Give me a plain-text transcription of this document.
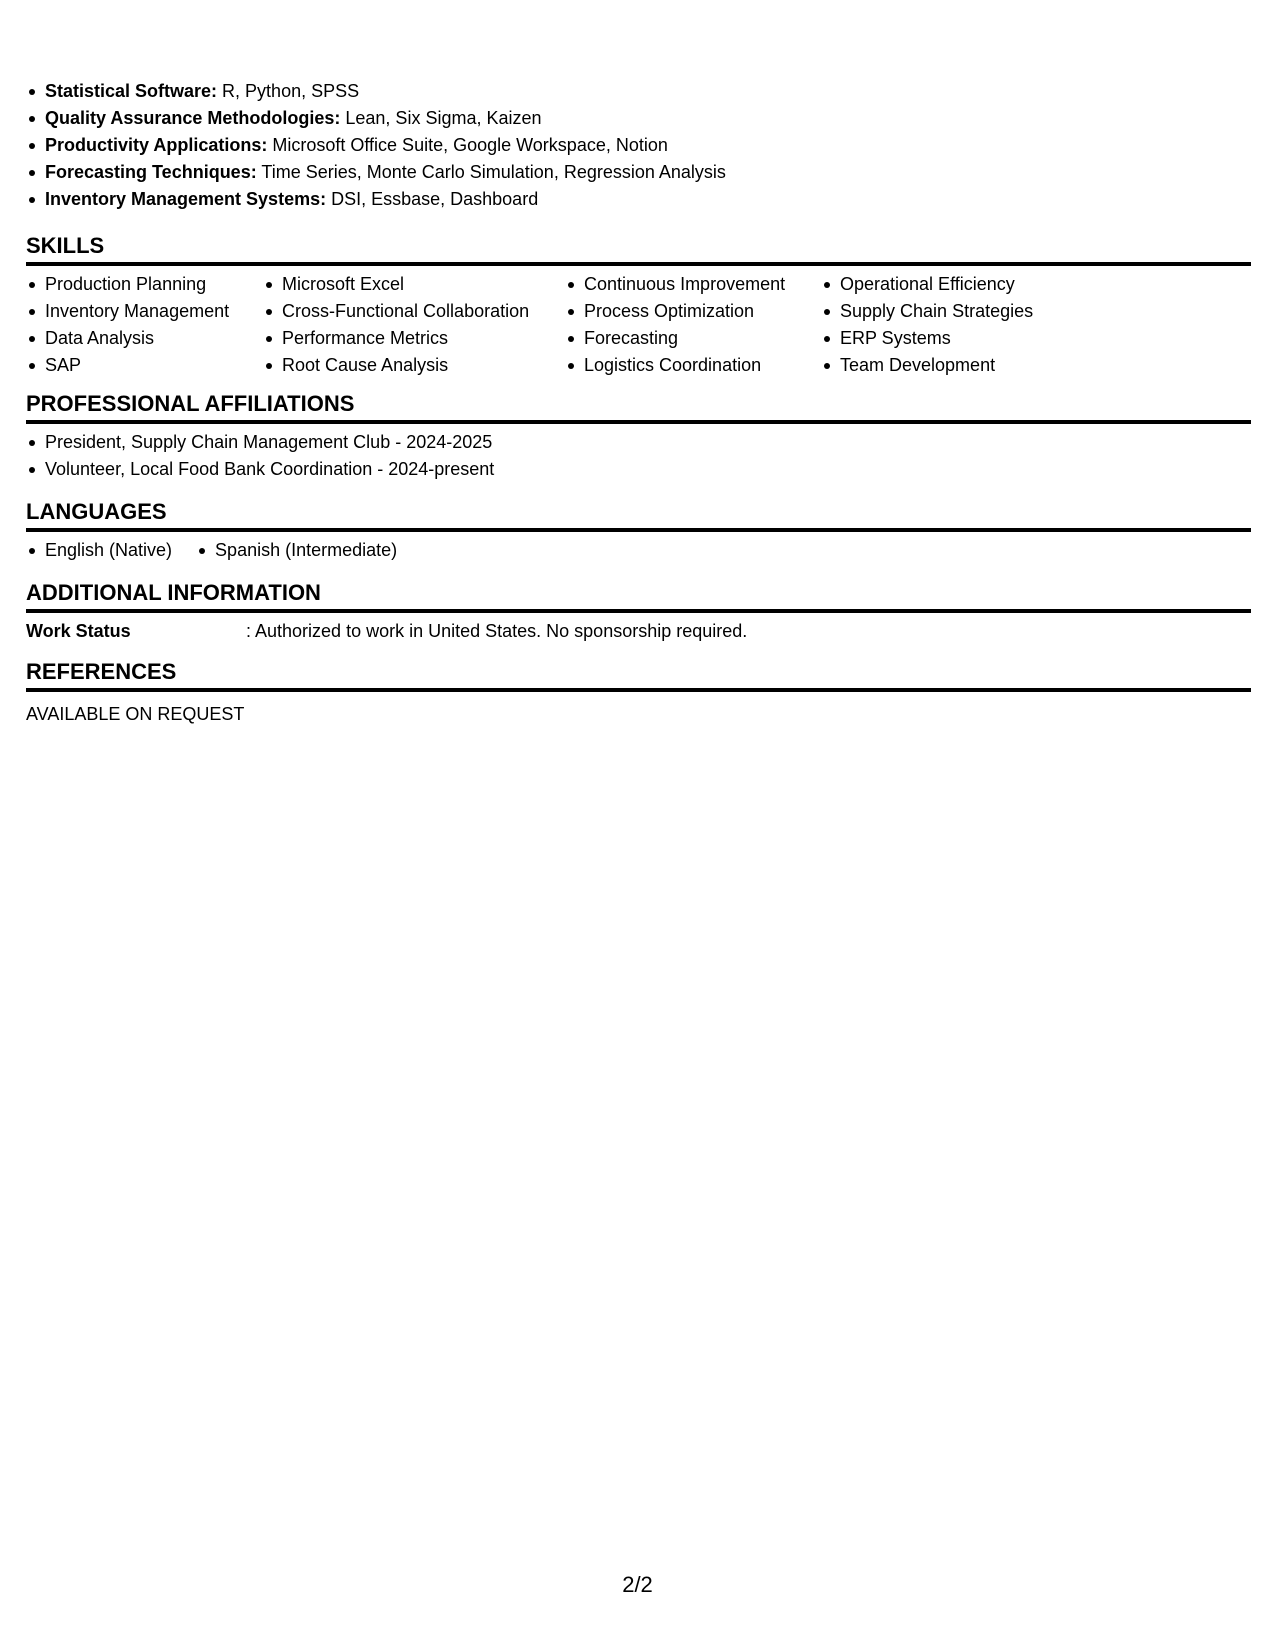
Statistical Software: R, Python, SPSS
Quality Assurance Methodologies: Lean, Six Sigma, Kaizen
Productivity Applications: Microsoft Office Suite, Google Workspace, Notion
Forecasting Techniques: Time Series, Monte Carlo Simulation, Regression Analysis
Inventory Management Systems: DSI, Essbase, Dashboard
SKILLS
Production Planning
Inventory Management
Data Analysis
SAP
Microsoft Excel
Cross-Functional Collaboration
Performance Metrics
Root Cause Analysis
Continuous Improvement
Process Optimization
Forecasting
Logistics Coordination
Operational Efficiency
Supply Chain Strategies
ERP Systems
Team Development
PROFESSIONAL AFFILIATIONS
President, Supply Chain Management Club - 2024-2025
Volunteer, Local Food Bank Coordination - 2024-present
LANGUAGES
English (Native)	Spanish (Intermediate)
ADDITIONAL INFORMATION
Work Status	: Authorized to work in United States. No sponsorship required.
REFERENCES
AVAILABLE ON REQUEST
2/2
